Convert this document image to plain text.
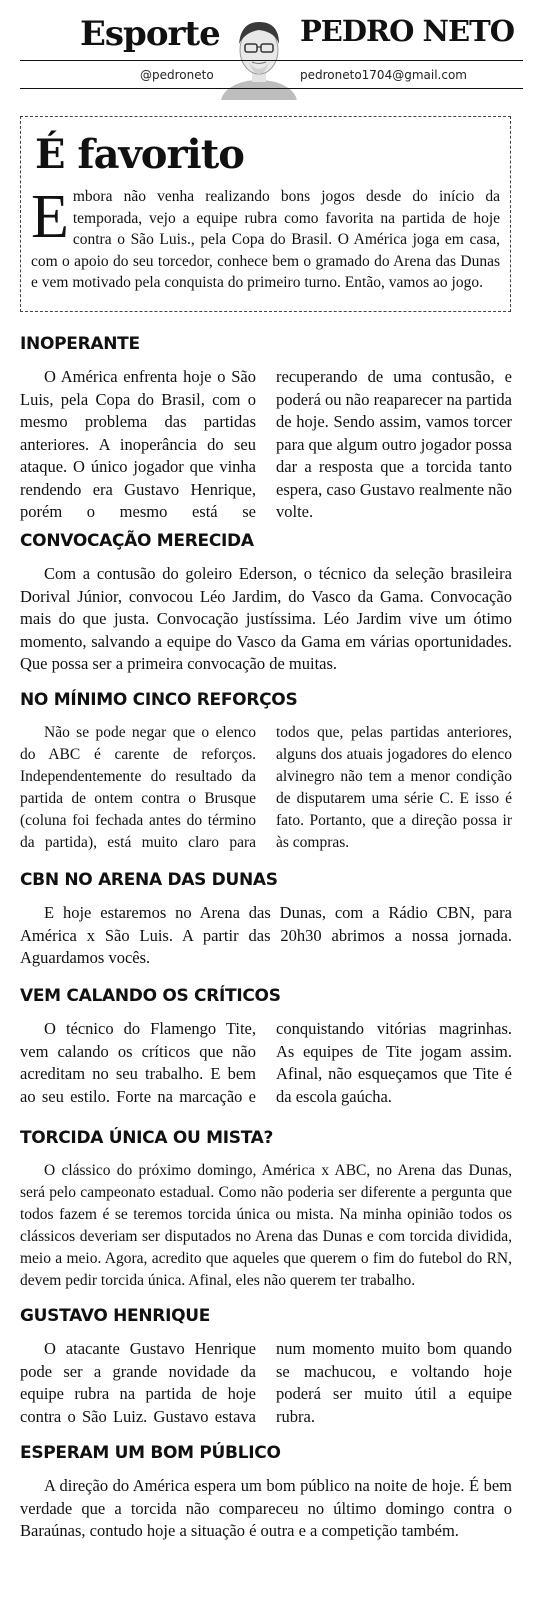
Esporte	PEDRO NETO
@pedroneto	pedroneto1704@gmail.com
É favorito

Embora não venha realizando bons jogos desde do início da temporada, vejo a equipe rubra como favorita na partida de hoje contra o São Luis., pela Copa do Brasil. O América joga em casa, com o apoio do seu torcedor, conhece bem o gramado do Arena das Dunas e vem motivado pela conquista do primeiro turno. Então, vamos ao jogo.

INOPERANTE

O América enfrenta hoje o São Luis, pela Copa do Brasil, com o mesmo problema das partidas anteriores. A inoperância do seu ataque. O único jogador que vinha rendendo era Gustavo Henrique, porém o mesmo está se recuperando de uma contusão, e poderá ou não reaparecer na partida de hoje. Sendo assim, vamos torcer para que algum outro jogador possa dar a resposta que a torcida tanto espera, caso Gustavo realmente não volte.

CONVOCAÇÃO MERECIDA

Com a contusão do goleiro Ederson, o técnico da seleção brasileira Dorival Júnior, convocou Léo Jardim, do Vasco da Gama. Convocação mais do que justa. Convocação justíssima. Léo Jardim vive um ótimo momento, salvando a equipe do Vasco da Gama em várias oportunidades. Que possa ser a primeira convocação de muitas.

NO MÍNIMO CINCO REFORÇOS

Não se pode negar que o elenco do ABC é carente de reforços. Independentemente do resultado da partida de ontem contra o Brusque (coluna foi fechada antes do término da partida), está muito claro para todos que, pelas partidas anteriores, alguns dos atuais jogadores do elenco alvinegro não tem a menor condição de disputarem uma série C. E isso é fato. Portanto, que a direção possa ir às compras.

CBN NO ARENA DAS DUNAS

E hoje estaremos no Arena das Dunas, com a Rádio CBN, para América x São Luis. A partir das 20h30 abrimos a nossa jornada. Aguardamos vocês.

VEM CALANDO OS CRÍTICOS

O técnico do Flamengo Tite, vem calando os críticos que não acreditam no seu trabalho. E bem ao seu estilo. Forte na marcação e conquistando vitórias magrinhas. As equipes de Tite jogam assim. Afinal, não esqueçamos que Tite é da escola gaúcha.

TORCIDA ÚNICA OU MISTA?

O clássico do próximo domingo, América x ABC, no Arena das Dunas, será pelo campeonato estadual. Como não poderia ser diferente a pergunta que todos fazem é se teremos torcida única ou mista. Na minha opinião todos os clássicos deveriam ser disputados no Arena das Dunas e com torcida dividida, meio a meio. Agora, acredito que aqueles que querem o fim do futebol do RN, devem pedir torcida única. Afinal, eles não querem ter trabalho.

GUSTAVO HENRIQUE

O atacante Gustavo Henrique pode ser a grande novidade da equipe rubra na partida de hoje contra o São Luiz. Gustavo estava num momento muito bom quando se machucou, e voltando hoje poderá ser muito útil a equipe rubra.

ESPERAM UM BOM PÚBLICO

A direção do América espera um bom público na noite de hoje. É bem verdade que a torcida não compareceu no último domingo contra o Baraúnas, contudo hoje a situação é outra e a competição também.
